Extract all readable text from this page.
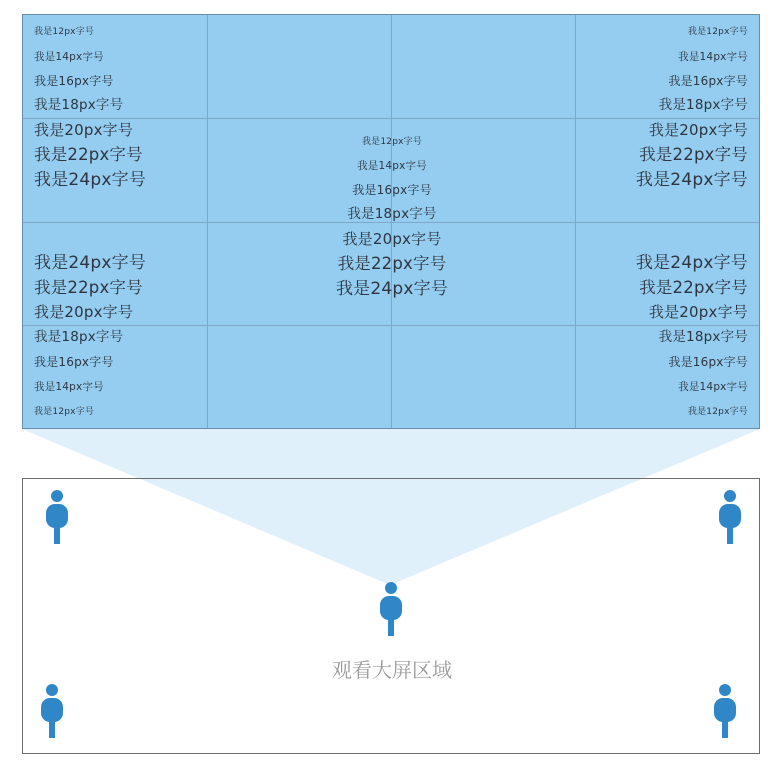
我是12px字号
我是14px字号
我是16px字号
我是18px字号
我是20px字号
我是22px字号
我是24px字号
我是12px字号
我是14px字号
我是16px字号
我是18px字号
我是20px字号
我是22px字号
我是24px字号
我是12px字号
我是14px字号
我是16px字号
我是18px字号
我是20px字号
我是22px字号
我是24px字号
我是24px字号
我是22px字号
我是20px字号
我是18px字号
我是16px字号
我是14px字号
我是12px字号
我是24px字号
我是22px字号
我是20px字号
我是18px字号
我是16px字号
我是14px字号
我是12px字号
观看大屏区域
